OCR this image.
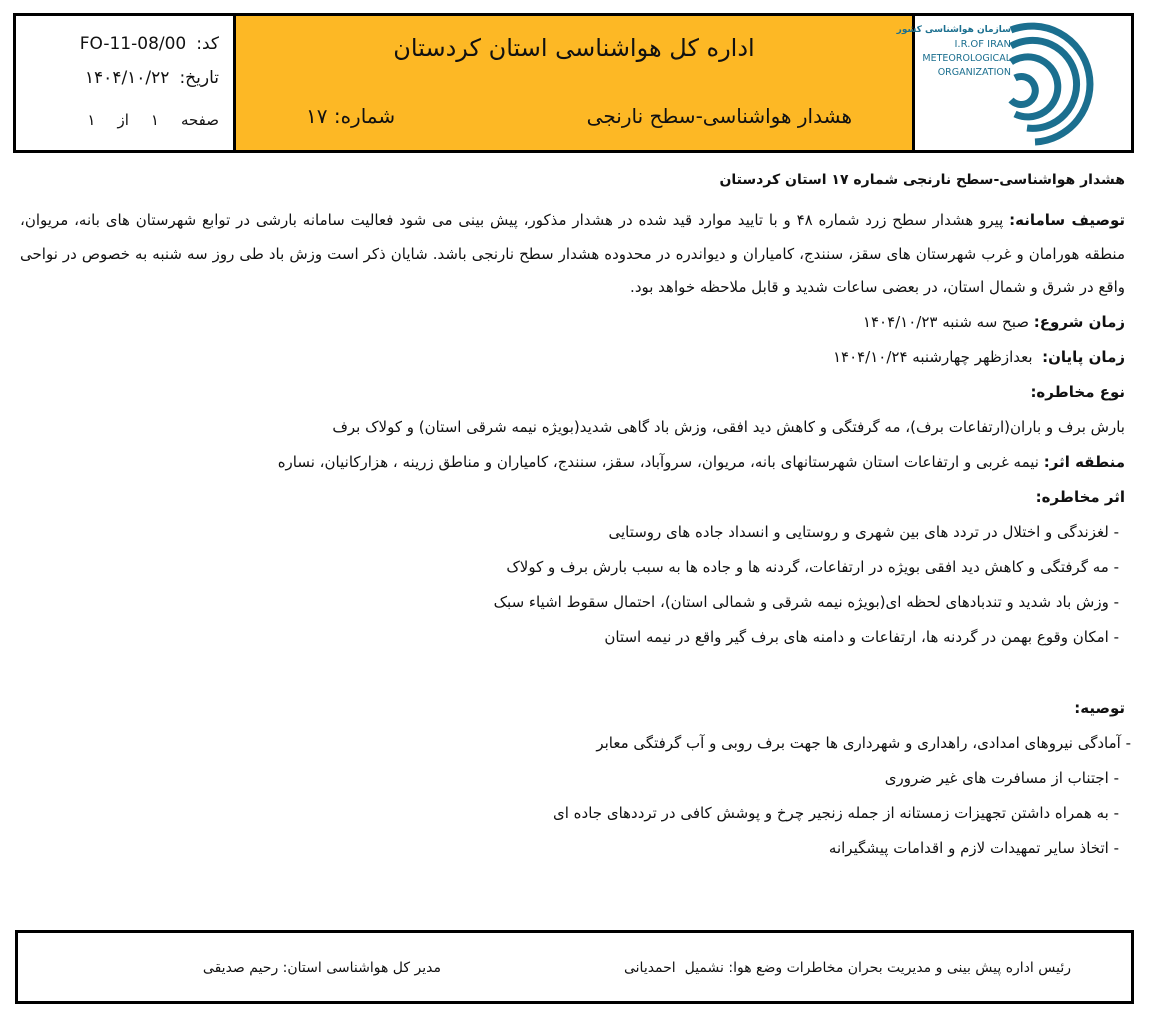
کد:
FO-11-08/00
تاریخ:
۱۴۰۴/۱۰/۲۲
صفحه
۱
از
۱
اداره کل هواشناسی استان کردستان
هشدار هواشناسی-سطح نارنجی
شماره: ۱۷
سازمان هواشناسی کشور
I.R.OF IRAN
METEOROLOGICAL
ORGANIZATION
هشدار هواشناسی-سطح نارنجی شماره ۱۷ استان کردستان

توصیف سامانه: پیرو هشدار سطح زرد شماره ۴۸ و با تایید موارد قید شده در هشدار مذکور، پیش بینی می شود فعالیت سامانه بارشی در توابع شهرستان های بانه، مریوان، منطقه هورامان و غرب شهرستان های سقز، سنندج، کامیاران و دیواندره در محدوده هشدار سطح نارنجی باشد. شایان ذکر است وزش باد طی روز سه شنبه به خصوص در نواحی واقع در شرق و شمال استان، در بعضی ساعات شدید و قابل ملاحظه خواهد بود.

زمان شروع: صبح سه شنبه ۱۴۰۴/۱۰/۲۳
زمان پایان:  بعدازظهر چهارشنبه ۱۴۰۴/۱۰/۲۴
نوع مخاطره:
بارش برف و باران(ارتفاعات برف)، مه گرفتگی و کاهش دید افقی، وزش باد گاهی شدید(بویژه نیمه شرقی استان) و کولاک برف
منطقه اثر: نیمه غربی و ارتفاعات استان شهرستانهای بانه، مریوان، سروآباد، سقز، سنندج، کامیاران و مناطق زرینه ، هزارکانیان، نساره
اثر مخاطره:
- لغزندگی و اختلال در تردد های بین شهری و روستایی و انسداد جاده های روستایی
- مه گرفتگی و کاهش دید افقی بویژه در ارتفاعات، گردنه ها و جاده ها به سبب بارش برف و کولاک
- وزش باد شدید و تندبادهای لحظه ای(بویژه نیمه شرقی و شمالی استان)، احتمال سقوط اشیاء سبک
- امکان وقوع بهمن در گردنه ها، ارتفاعات و دامنه های برف گیر واقع در نیمه استان
توصیه:
- آمادگی نیروهای امدادی، راهداری و شهرداری ها جهت برف روبی و آب گرفتگی معابر
- اجتناب از مسافرت های غیر ضروری
- به همراه داشتن تجهیزات زمستانه از جمله زنجیر چرخ و پوشش کافی در ترددهای جاده ای
- اتخاذ سایر تمهیدات لازم و اقدامات پیشگیرانه
رئیس اداره پیش بینی و مدیریت بحران مخاطرات وضع هوا: نشمیل  احمدیانی
مدیر کل هواشناسی استان: رحیم صدیقی
